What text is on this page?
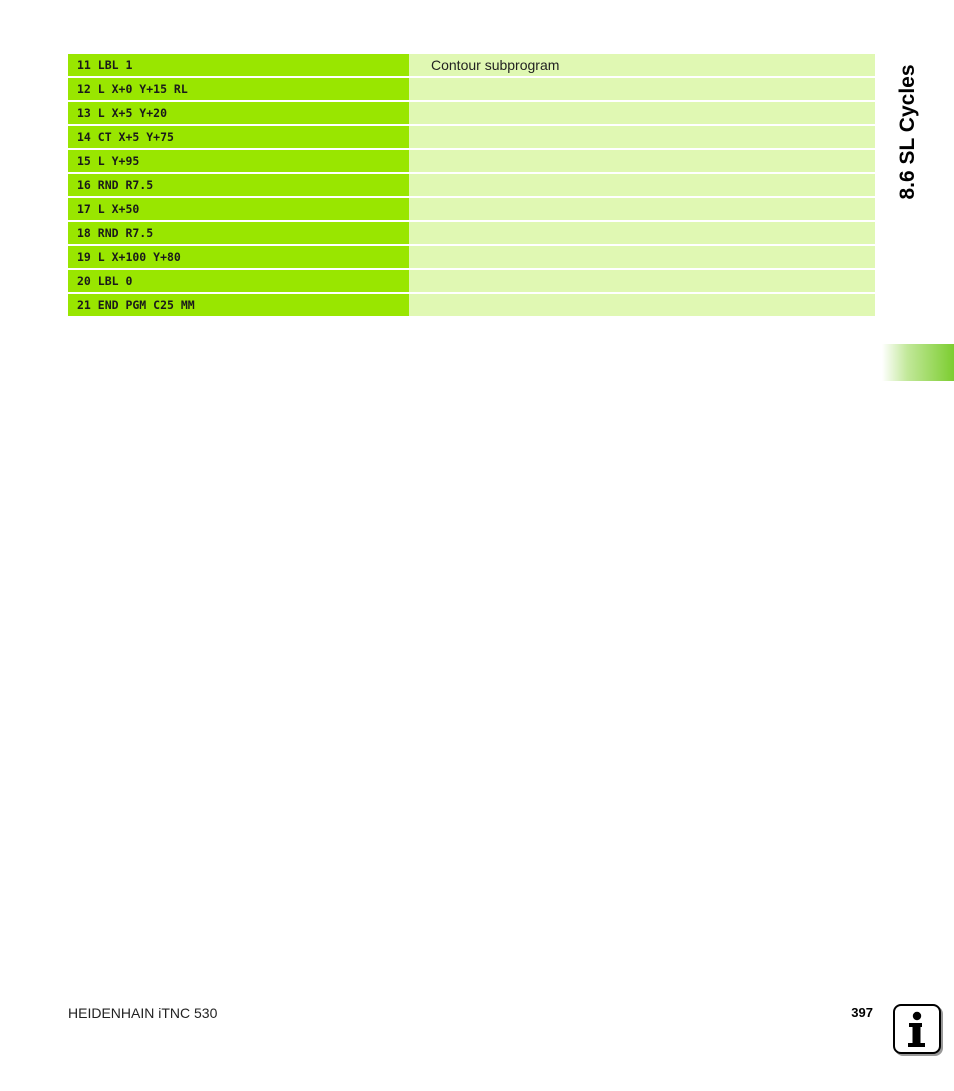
11 LBL 1	Contour subprogram
12 L X+0 Y+15 RL
13 L X+5 Y+20
14 CT X+5 Y+75
15 L Y+95
16 RND R7.5
17 L X+50
18 RND R7.5
19 L X+100 Y+80
20 LBL 0
21 END PGM C25 MM
8.6 SL Cycles
HEIDENHAIN iTNC 530	397
